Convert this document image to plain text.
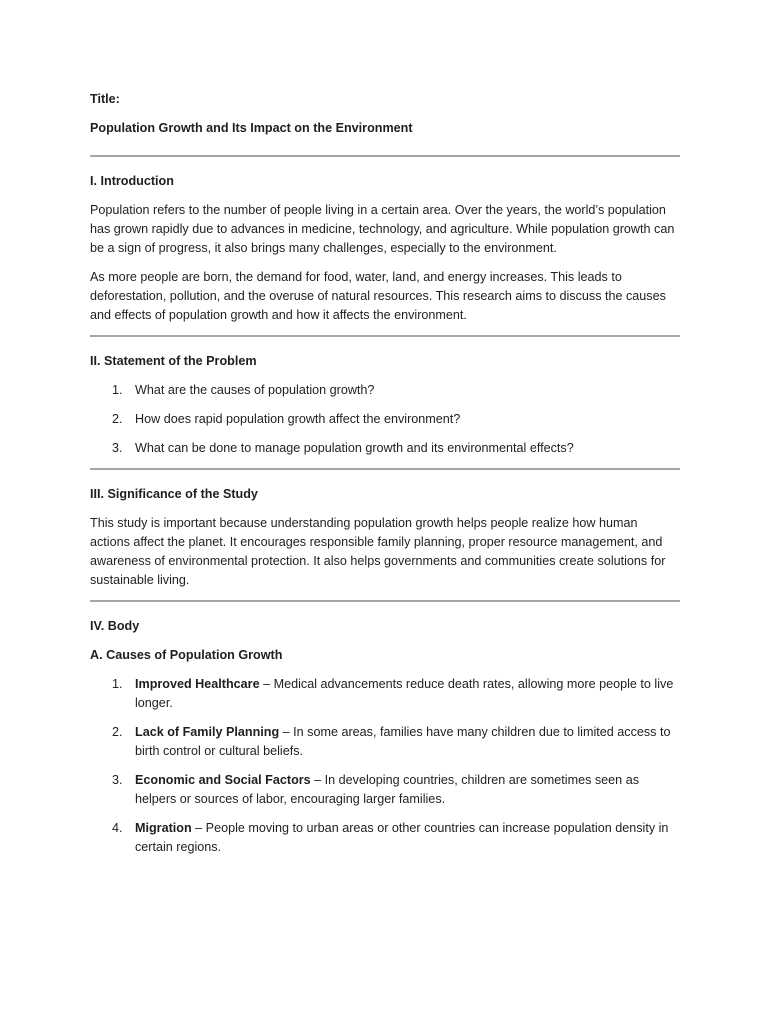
Title:

Population Growth and Its Impact on the Environment

I. Introduction

Population refers to the number of people living in a certain area. Over the years, the world’s population has grown rapidly due to advances in medicine, technology, and agriculture. While population growth can be a sign of progress, it also brings many challenges, especially to the environment.

As more people are born, the demand for food, water, land, and energy increases. This leads to deforestation, pollution, and the overuse of natural resources. This research aims to discuss the causes and effects of population growth and how it affects the environment.

II. Statement of the Problem
1. What are the causes of population growth?
2. How does rapid population growth affect the environment?
3. What can be done to manage population growth and its environmental effects?
III. Significance of the Study

This study is important because understanding population growth helps people realize how human actions affect the planet. It encourages responsible family planning, proper resource management, and awareness of environmental protection. It also helps governments and communities create solutions for sustainable living.

IV. Body
A. Causes of Population Growth
1. Improved Healthcare – Medical advancements reduce death rates, allowing more people to live longer.
2. Lack of Family Planning – In some areas, families have many children due to limited access to birth control or cultural beliefs.
3. Economic and Social Factors – In developing countries, children are sometimes seen as helpers or sources of labor, encouraging larger families.
4. Migration – People moving to urban areas or other countries can increase population density in certain regions.
